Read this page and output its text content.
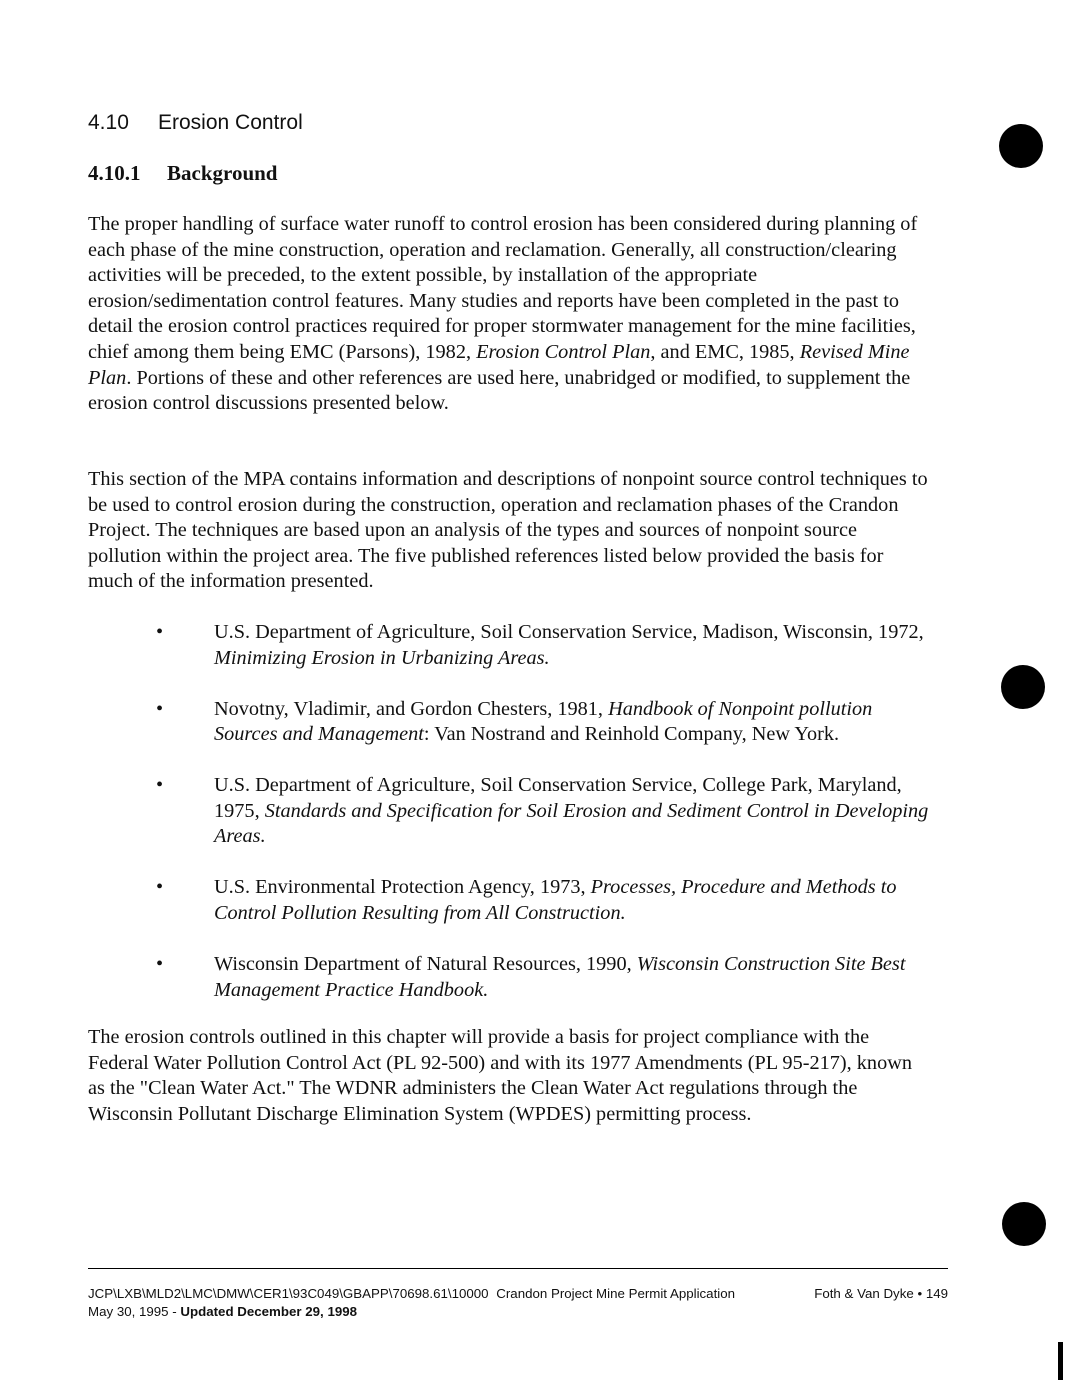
4.10 Erosion Control
4.10.1 Background

The proper handling of surface water runoff to control erosion has been considered during planning of each phase of the mine construction, operation and reclamation. Generally, all construction/clearing activities will be preceded, to the extent possible, by installation of the appropriate erosion/sedimentation control features. Many studies and reports have been completed in the past to detail the erosion control practices required for proper stormwater management for the mine facilities, chief among them being EMC (Parsons), 1982, Erosion Control Plan, and EMC, 1985, Revised Mine Plan. Portions of these and other references are used here, unabridged or modified, to supplement the erosion control discussions presented below.

This section of the MPA contains information and descriptions of nonpoint source control techniques to be used to control erosion during the construction, operation and reclamation phases of the Crandon Project. The techniques are based upon an analysis of the types and sources of nonpoint source pollution within the project area. The five published references listed below provided the basis for much of the information presented.

•	U.S. Department of Agriculture, Soil Conservation Service, Madison, Wisconsin, 1972, Minimizing Erosion in Urbanizing Areas.
•	Novotny, Vladimir, and Gordon Chesters, 1981, Handbook of Nonpoint pollution Sources and Management: Van Nostrand and Reinhold Company, New York.
•	U.S. Department of Agriculture, Soil Conservation Service, College Park, Maryland, 1975, Standards and Specification for Soil Erosion and Sediment Control in Developing Areas.
•	U.S. Environmental Protection Agency, 1973, Processes, Procedure and Methods to Control Pollution Resulting from All Construction.
•	Wisconsin Department of Natural Resources, 1990, Wisconsin Construction Site Best Management Practice Handbook.

The erosion controls outlined in this chapter will provide a basis for project compliance with the Federal Water Pollution Control Act (PL 92-500) and with its 1977 Amendments (PL 95-217), known as the "Clean Water Act." The WDNR administers the Clean Water Act regulations through the Wisconsin Pollutant Discharge Elimination System (WPDES) permitting process.

JCP\LXB\MLD2\LMC\DMW\CER1\93C049\GBAPP\70698.61\10000 Crandon Project Mine Permit Application
May 30, 1995 - Updated December 29, 1998
Foth & Van Dyke • 149
